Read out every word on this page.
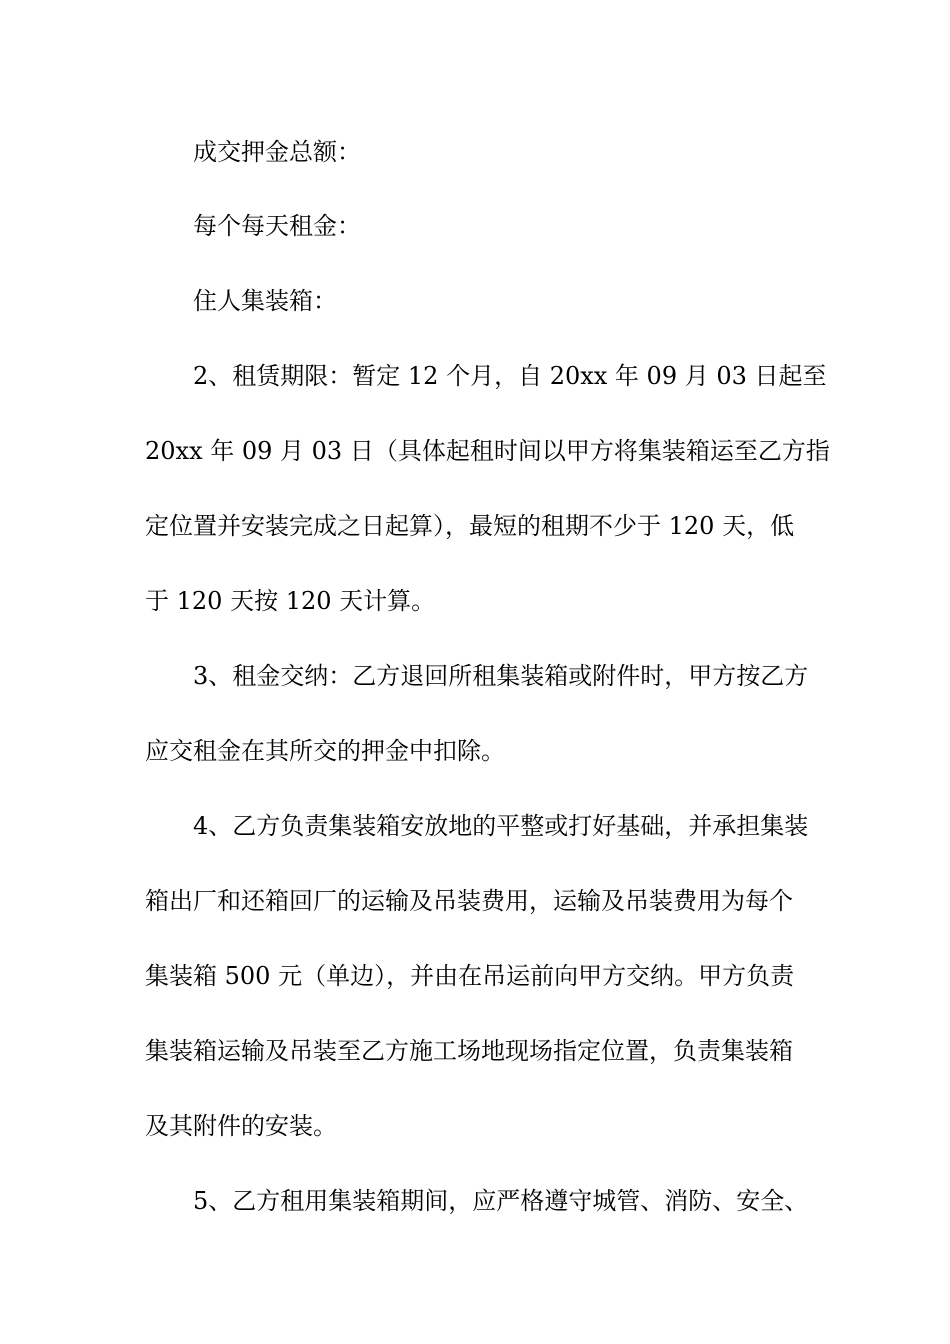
成交押金总额：
每个每天租金：
住人集装箱：
2、租赁期限：暂定 12 个月，自 20xx 年 09 月 03 日起至
20xx 年 09 月 03 日（具体起租时间以甲方将集装箱运至乙方指
定位置并安装完成之日起算），最短的租期不少于 120 天，低
于 120 天按 120 天计算。
3、租金交纳：乙方退回所租集装箱或附件时，甲方按乙方
应交租金在其所交的押金中扣除。
4、乙方负责集装箱安放地的平整或打好基础，并承担集装
箱出厂和还箱回厂的运输及吊装费用，运输及吊装费用为每个
集装箱 500 元（单边），并由在吊运前向甲方交纳。甲方负责
集装箱运输及吊装至乙方施工场地现场指定位置，负责集装箱
及其附件的安装。
5、乙方租用集装箱期间，应严格遵守城管、消防、安全、
